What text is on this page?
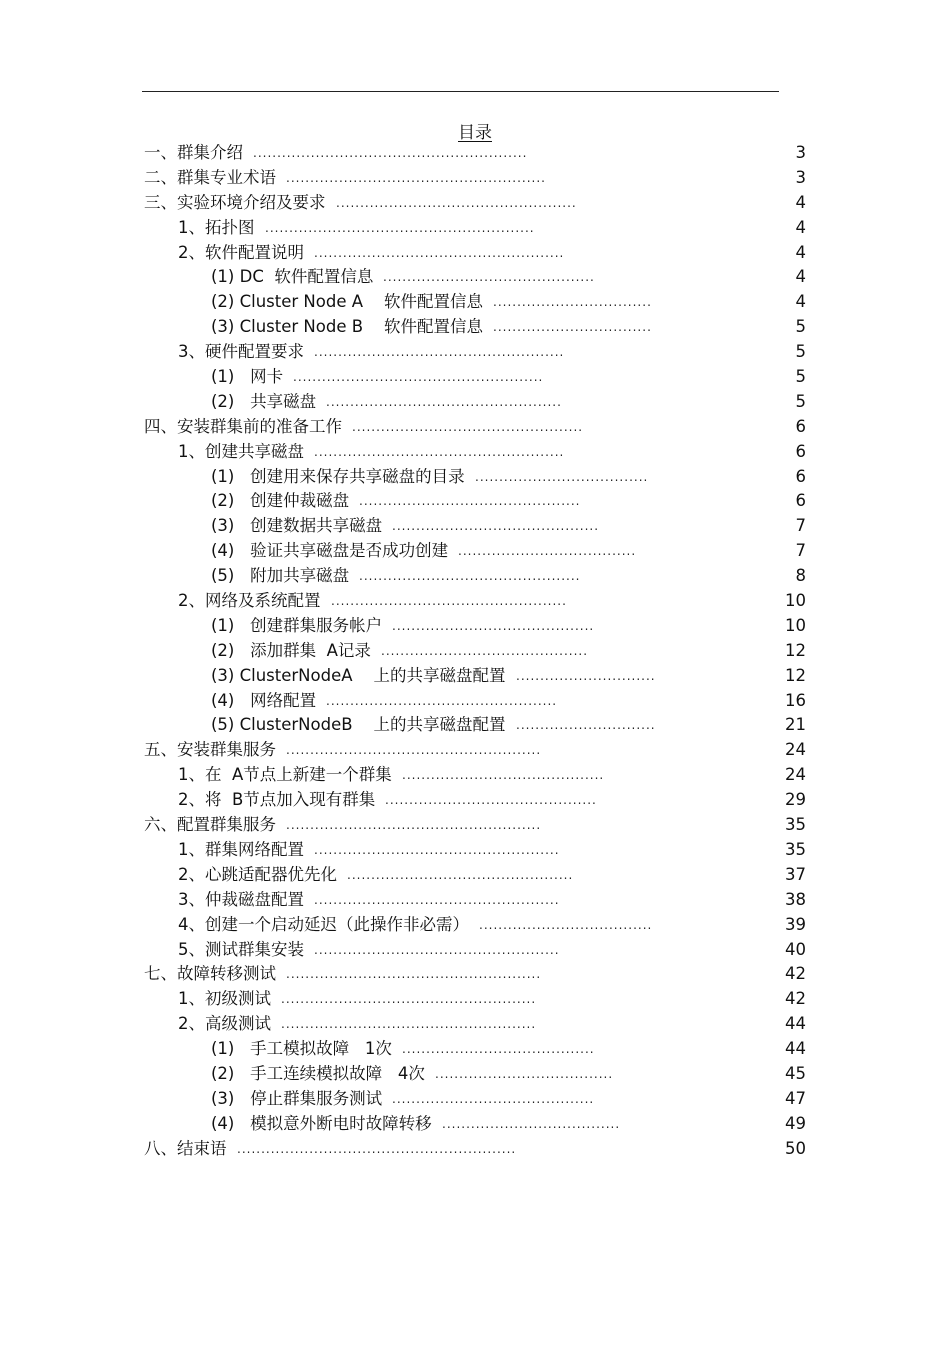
目录
一、群集介绍 .........................................................	3
二、群集专业术语 ......................................................	3
三、实验环境介绍及要求 ..................................................	4
1、拓扑图 ........................................................	4
2、软件配置说明 ....................................................	4
(1) DC  软件配置信息 ............................................	4
(2) Cluster Node A    软件配置信息 .................................	4
(3) Cluster Node B    软件配置信息 .................................	5
3、硬件配置要求 ....................................................	5
(1)   网卡 ....................................................	5
(2)   共享磁盘 .................................................	5
四、安装群集前的准备工作 ................................................	6
1、创建共享磁盘 ....................................................	6
(1)   创建用来保存共享磁盘的目录 ....................................	6
(2)   创建仲裁磁盘 ..............................................	6
(3)   创建数据共享磁盘 ...........................................	7
(4)   验证共享磁盘是否成功创建 .....................................	7
(5)   附加共享磁盘 ..............................................	8
2、网络及系统配置 .................................................	10
(1)   创建群集服务帐户 ..........................................	10
(2)   添加群集  A记录 ...........................................	12
(3) ClusterNodeA    上的共享磁盘配置 .............................	12
(4)   网络配置 ................................................	16
(5) ClusterNodeB    上的共享磁盘配置 .............................	21
五、安装群集服务 .....................................................	24
1、在  A节点上新建一个群集 ..........................................	24
2、将  B节点加入现有群集 ............................................	29
六、配置群集服务 .....................................................	35
1、群集网络配置 ...................................................	35
2、心跳适配器优先化 ...............................................	37
3、仲裁磁盘配置 ...................................................	38
4、创建一个启动延迟（此操作非必需） ....................................	39
5、测试群集安装 ...................................................	40
七、故障转移测试 .....................................................	42
1、初级测试 .....................................................	42
2、高级测试 .....................................................	44
(1)   手工模拟故障   1次 ........................................	44
(2)   手工连续模拟故障   4次 .....................................	45
(3)   停止群集服务测试 ..........................................	47
(4)   模拟意外断电时故障转移 .....................................	49
八、结束语 ..........................................................	50
